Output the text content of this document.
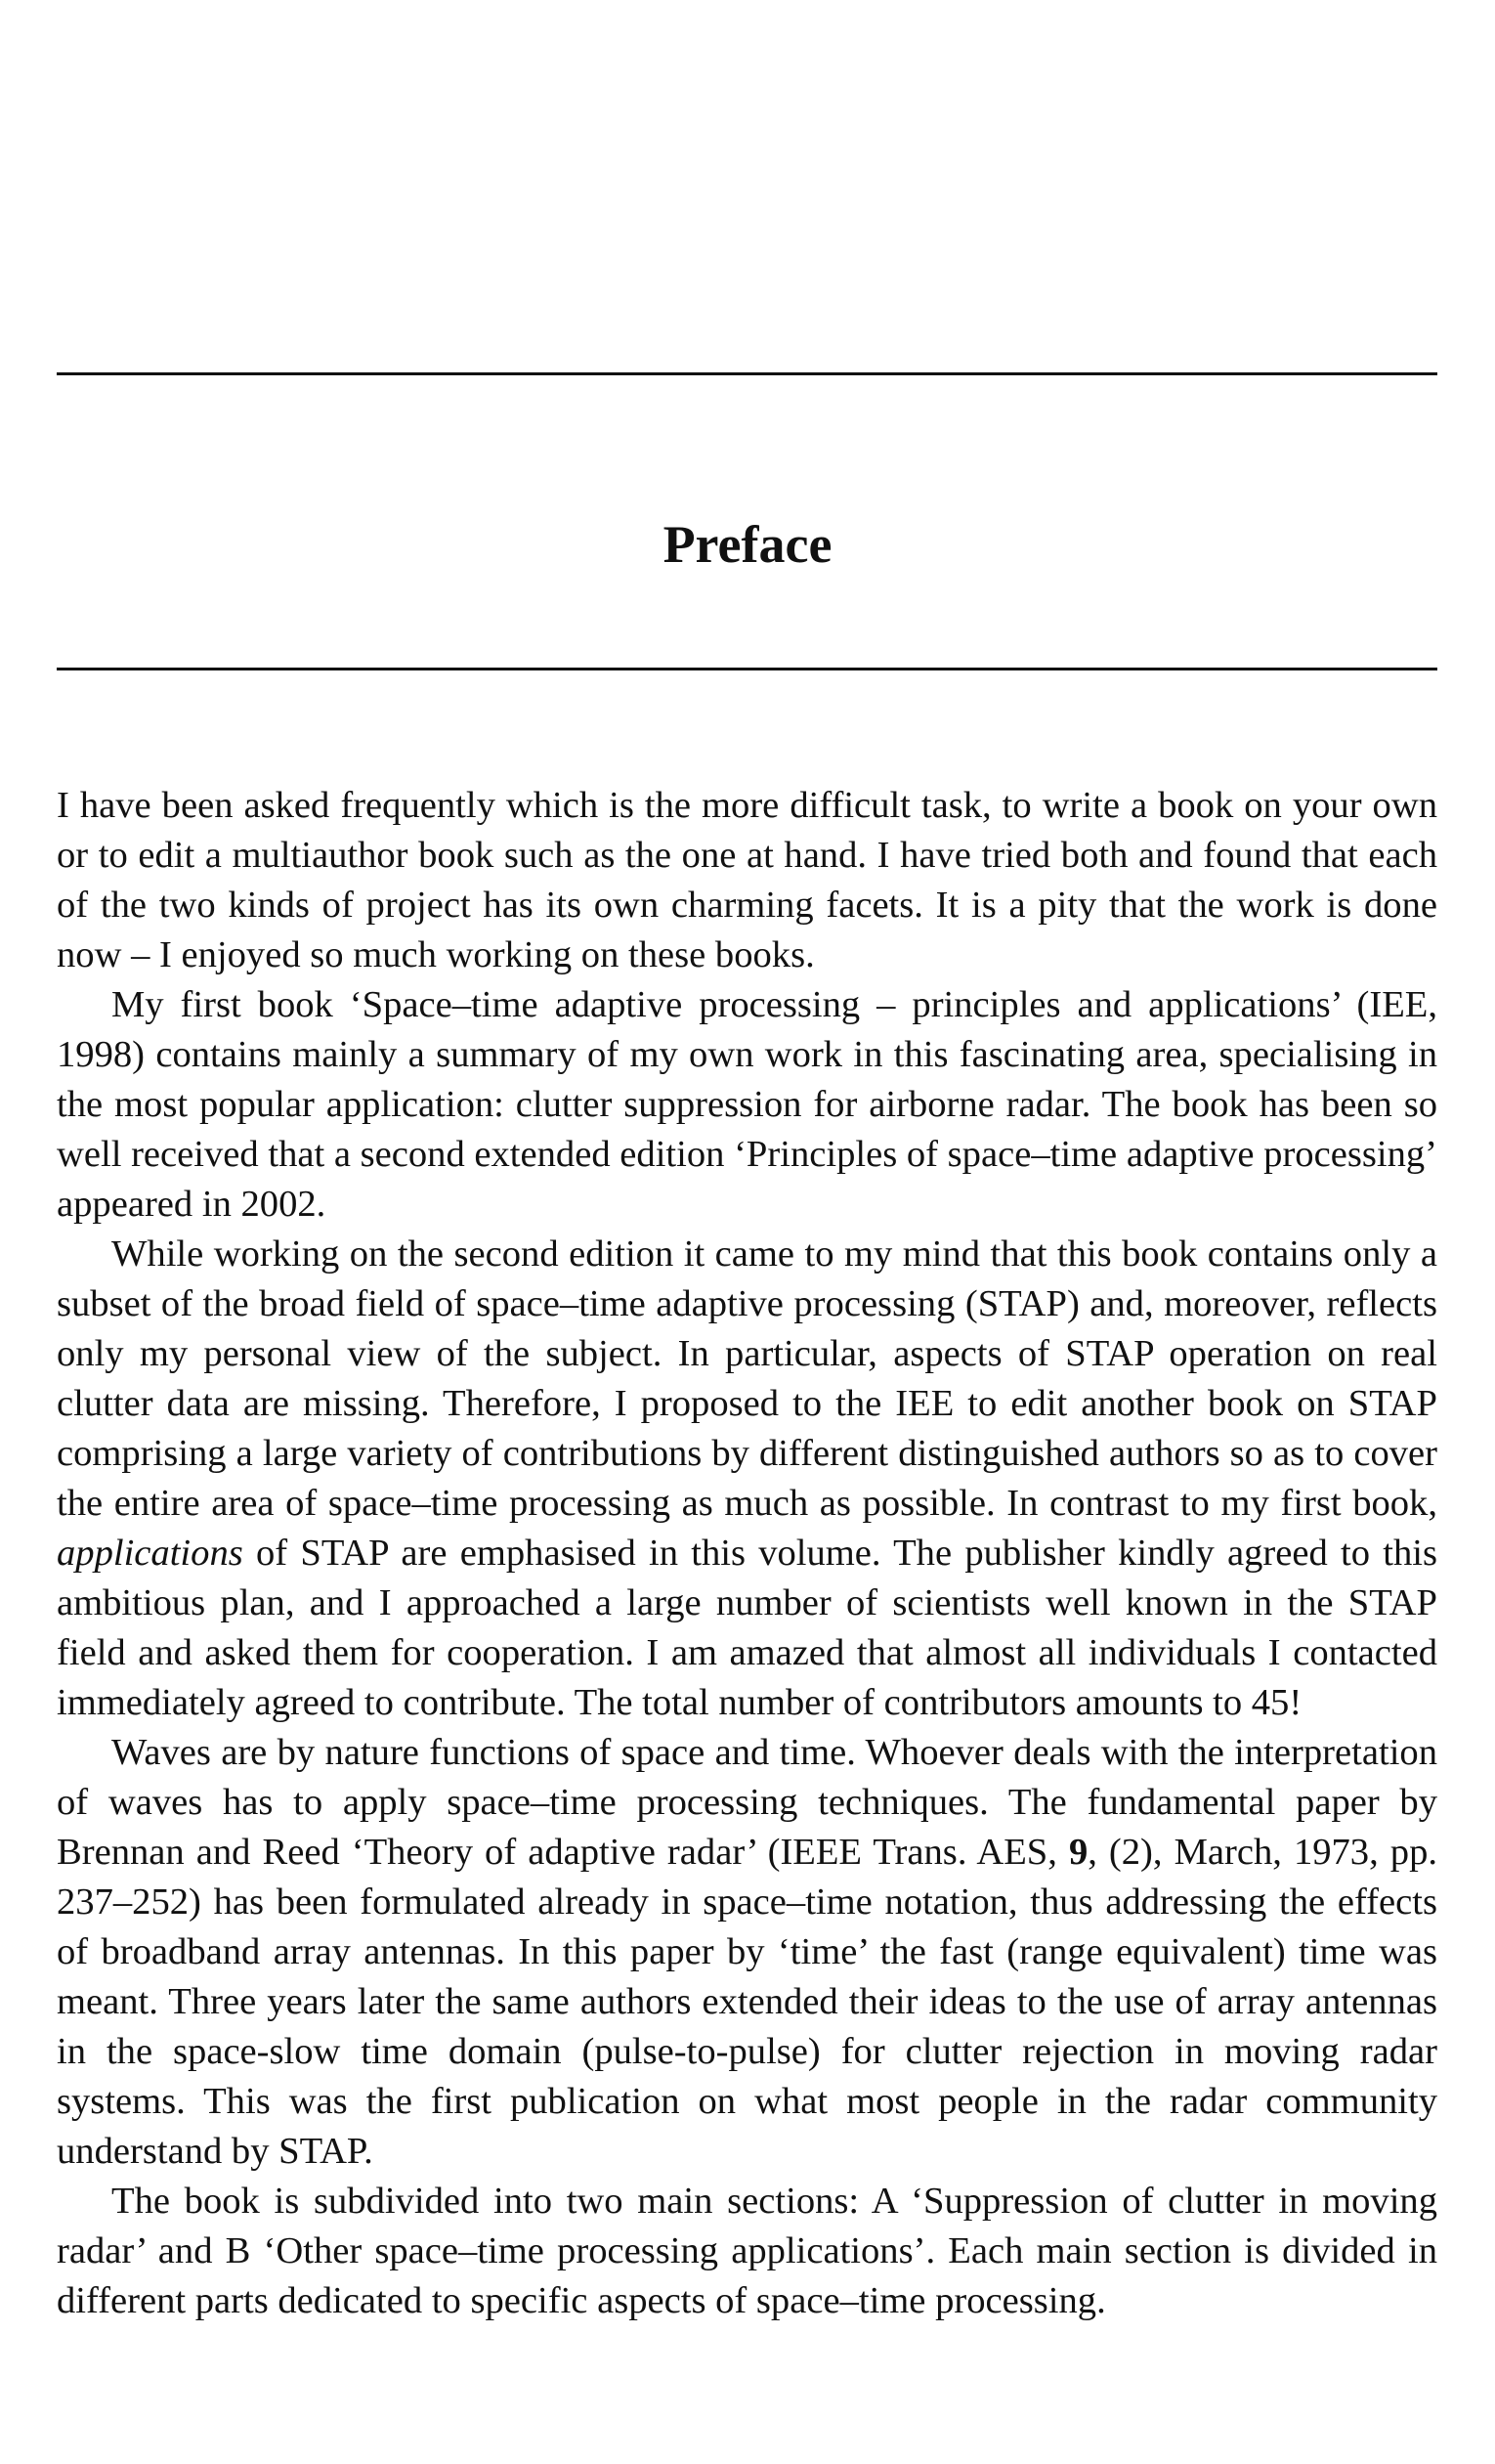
Preface

I have been asked frequently which is the more difficult task, to write a book on your own or to edit a multiauthor book such as the one at hand. I have tried both and found that each of the two kinds of project has its own charming facets. It is a pity that the work is done now – I enjoyed so much working on these books.

My first book ‘Space–time adaptive processing – principles and applications’ (IEE, 1998) contains mainly a summary of my own work in this fascinating area, specialising in the most popular application: clutter suppression for airborne radar. The book has been so well received that a second extended edition ‘Principles of space–time adaptive processing’ appeared in 2002.

While working on the second edition it came to my mind that this book contains only a subset of the broad field of space–time adaptive processing (STAP) and, moreover, reflects only my personal view of the subject. In particular, aspects of STAP operation on real clutter data are missing. Therefore, I proposed to the IEE to edit another book on STAP comprising a large variety of contributions by different distinguished authors so as to cover the entire area of space–time processing as much as possible. In contrast to my first book, applications of STAP are emphasised in this volume. The publisher kindly agreed to this ambitious plan, and I approached a large number of scientists well known in the STAP field and asked them for cooperation. I am amazed that almost all individuals I contacted immediately agreed to contribute. The total number of contributors amounts to 45!

Waves are by nature functions of space and time. Whoever deals with the interpretation of waves has to apply space–time processing techniques. The fundamental paper by Brennan and Reed ‘Theory of adaptive radar’ (IEEE Trans. AES, 9, (2), March, 1973, pp. 237–252) has been formulated already in space–time notation, thus addressing the effects of broadband array antennas. In this paper by ‘time’ the fast (range equivalent) time was meant. Three years later the same authors extended their ideas to the use of array antennas in the space-slow time domain (pulse-to-pulse) for clutter rejection in moving radar systems. This was the first publication on what most people in the radar community understand by STAP.

The book is subdivided into two main sections: A ‘Suppression of clutter in moving radar’ and B ‘Other space–time processing applications’. Each main section is divided in different parts dedicated to specific aspects of space–time processing.
